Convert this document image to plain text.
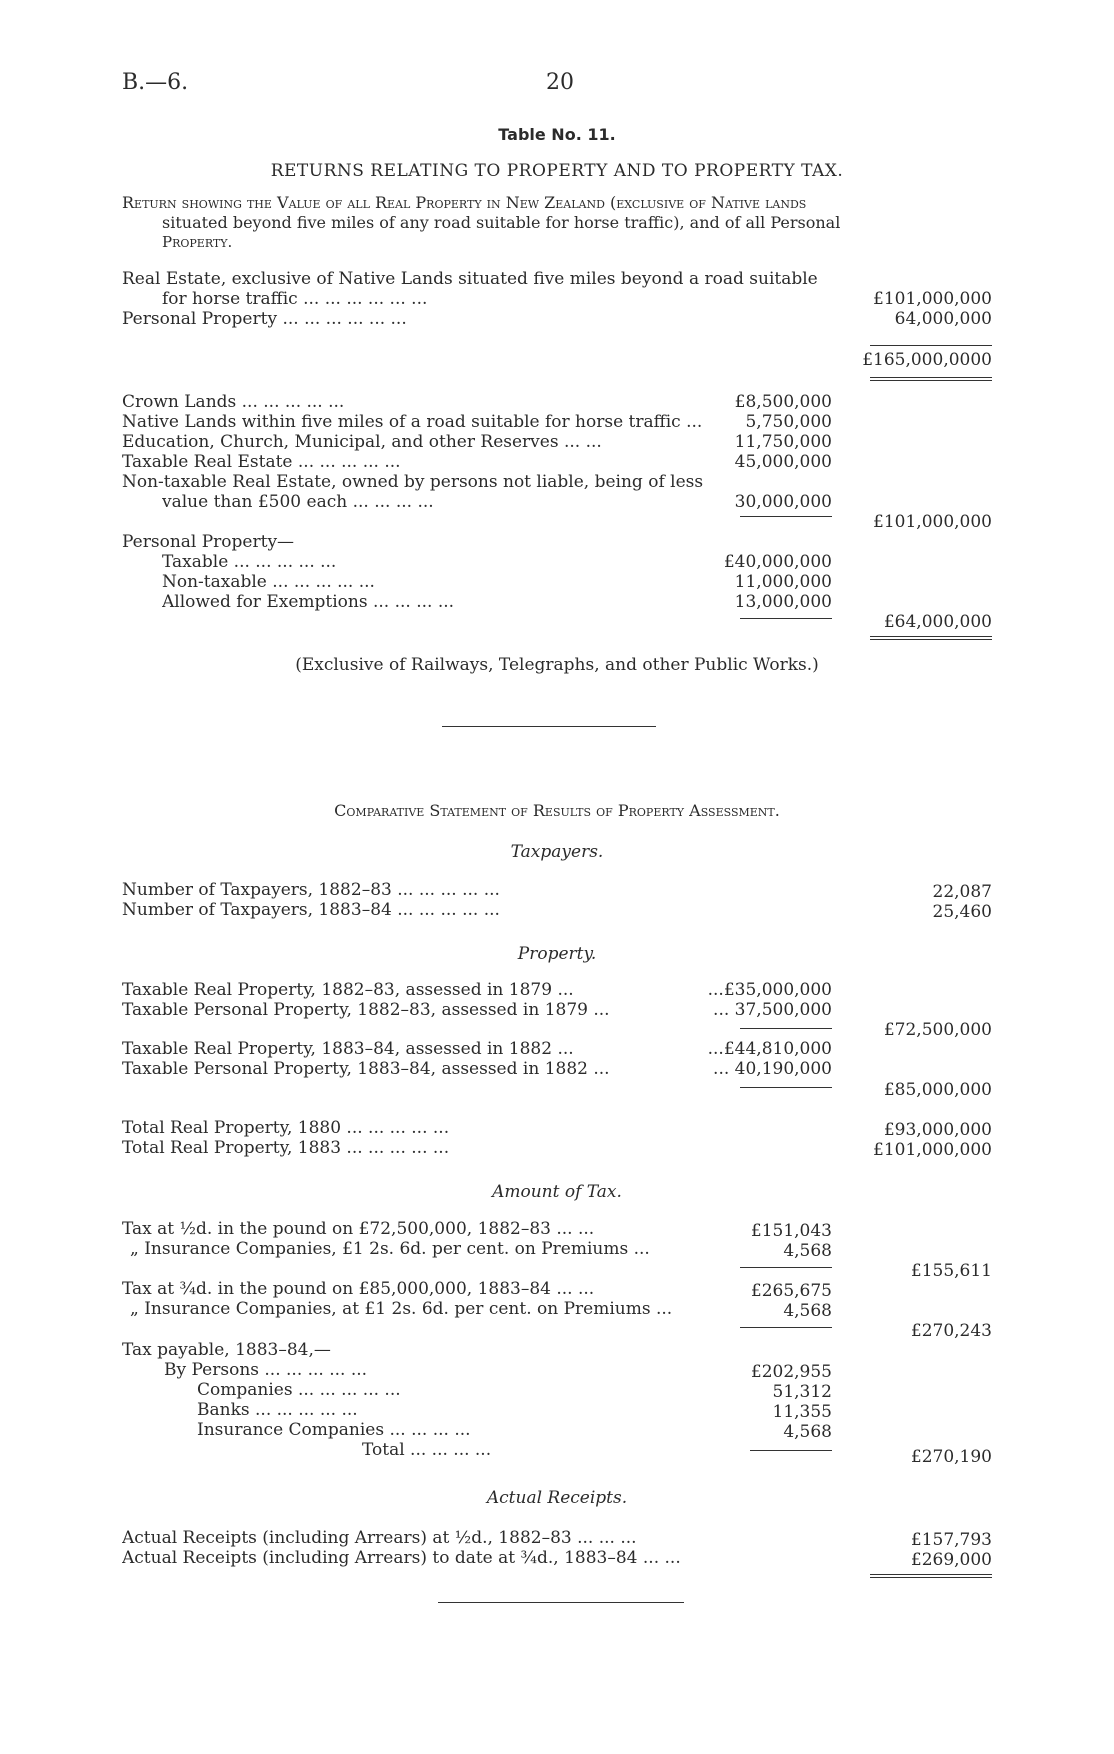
B.—6.	20
Table No. 11.
RETURNS RELATING TO PROPERTY AND TO PROPERTY TAX.
Return showing the Value of all Real Property in New Zealand (exclusive of Native lands
situated beyond five miles of any road suitable for horse traffic), and of all Personal
Property.
Real Estate, exclusive of Native Lands situated five miles beyond a road suitable
for horse traffic ... ... ... ... ... ...	£101,000,000
Personal Property ... ... ... ... ... ...	64,000,000
£165,000,0000
Crown Lands ... ... ... ... ...	£8,500,000
Native Lands within five miles of a road suitable for horse traffic ...	5,750,000
Education, Church, Municipal, and other Reserves ... ...	11,750,000
Taxable Real Estate ... ... ... ... ...	45,000,000
Non-taxable Real Estate, owned by persons not liable, being of less
value than £500 each ... ... ... ...	30,000,000
£101,000,000
Personal Property—
Taxable ... ... ... ... ...	£40,000,000
Non-taxable ... ... ... ... ...	11,000,000
Allowed for Exemptions ... ... ... ...	13,000,000
£64,000,000
(Exclusive of Railways, Telegraphs, and other Public Works.)
Comparative Statement of Results of Property Assessment.
Taxpayers.
Number of Taxpayers, 1882–83 ... ... ... ... ...	22,087
Number of Taxpayers, 1883–84 ... ... ... ... ...	25,460
Property.
Taxable Real Property, 1882–83, assessed in 1879 ...	...£35,000,000
Taxable Personal Property, 1882–83, assessed in 1879 ...	... 37,500,000
£72,500,000
Taxable Real Property, 1883–84, assessed in 1882 ...	...£44,810,000
Taxable Personal Property, 1883–84, assessed in 1882 ...	... 40,190,000
£85,000,000
Total Real Property, 1880 ... ... ... ... ...	£93,000,000
Total Real Property, 1883 ... ... ... ... ...	£101,000,000
Amount of Tax.
Tax at ½d. in the pound on £72,500,000, 1882–83 ... ...	£151,043
„ Insurance Companies, £1 2s. 6d. per cent. on Premiums ...	4,568
£155,611
Tax at ¾d. in the pound on £85,000,000, 1883–84 ... ...	£265,675
„ Insurance Companies, at £1 2s. 6d. per cent. on Premiums ...	4,568
£270,243
Tax payable, 1883–84,—
By Persons ... ... ... ... ...	£202,955
Companies ... ... ... ... ...	51,312
Banks ... ... ... ... ...	11,355
Insurance Companies ... ... ... ...	4,568
Total ... ... ... ...	£270,190
Actual Receipts.
Actual Receipts (including Arrears) at ½d., 1882–83 ... ... ...	£157,793
Actual Receipts (including Arrears) to date at ¾d., 1883–84 ... ...	£269,000
